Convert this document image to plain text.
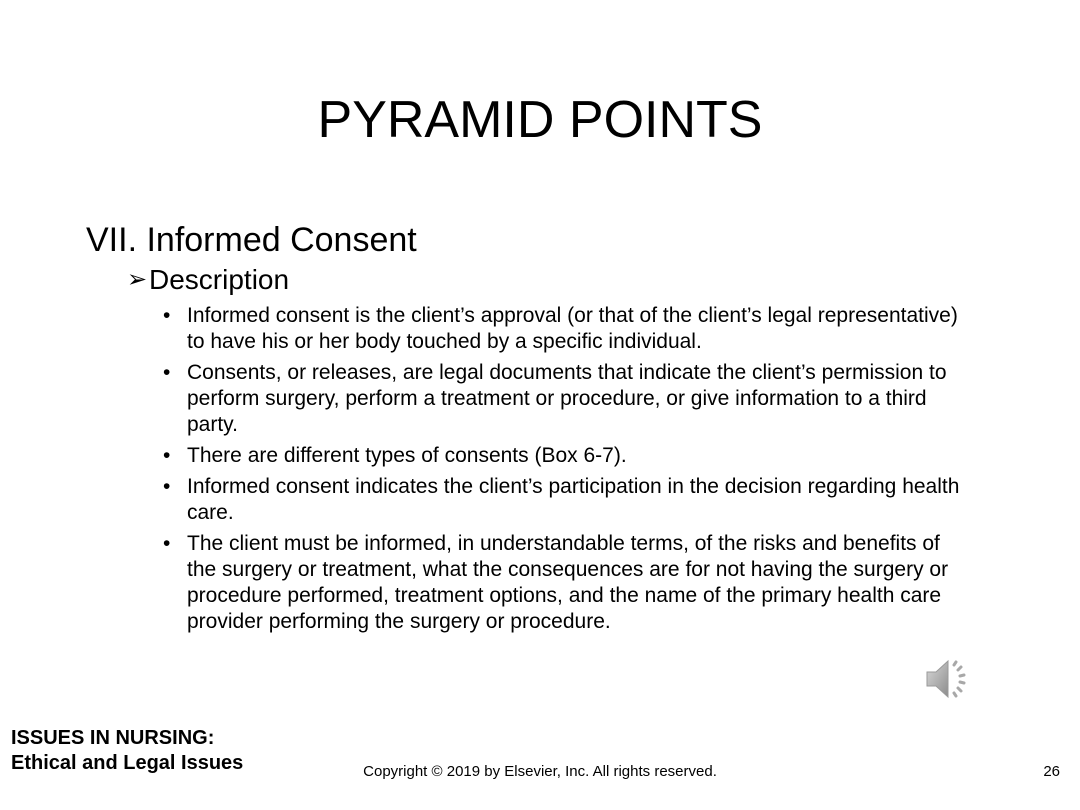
PYRAMID POINTS
VII. Informed Consent
➢ Description
• Informed consent is the client’s approval (or that of the client’s legal representative) to have his or her body touched by a specific individual.
• Consents, or releases, are legal documents that indicate the client’s permission to perform surgery, perform a treatment or procedure, or give information to a third party.
• There are different types of consents (Box 6-7).
• Informed consent indicates the client’s participation in the decision regarding health care.
• The client must be informed, in understandable terms, of the risks and benefits of the surgery or treatment, what the consequences are for not having the surgery or procedure performed, treatment options, and the name of the primary health care provider performing the surgery or procedure.
ISSUES IN NURSING:
Ethical and Legal Issues	Copyright © 2019 by Elsevier, Inc. All rights reserved.	26
